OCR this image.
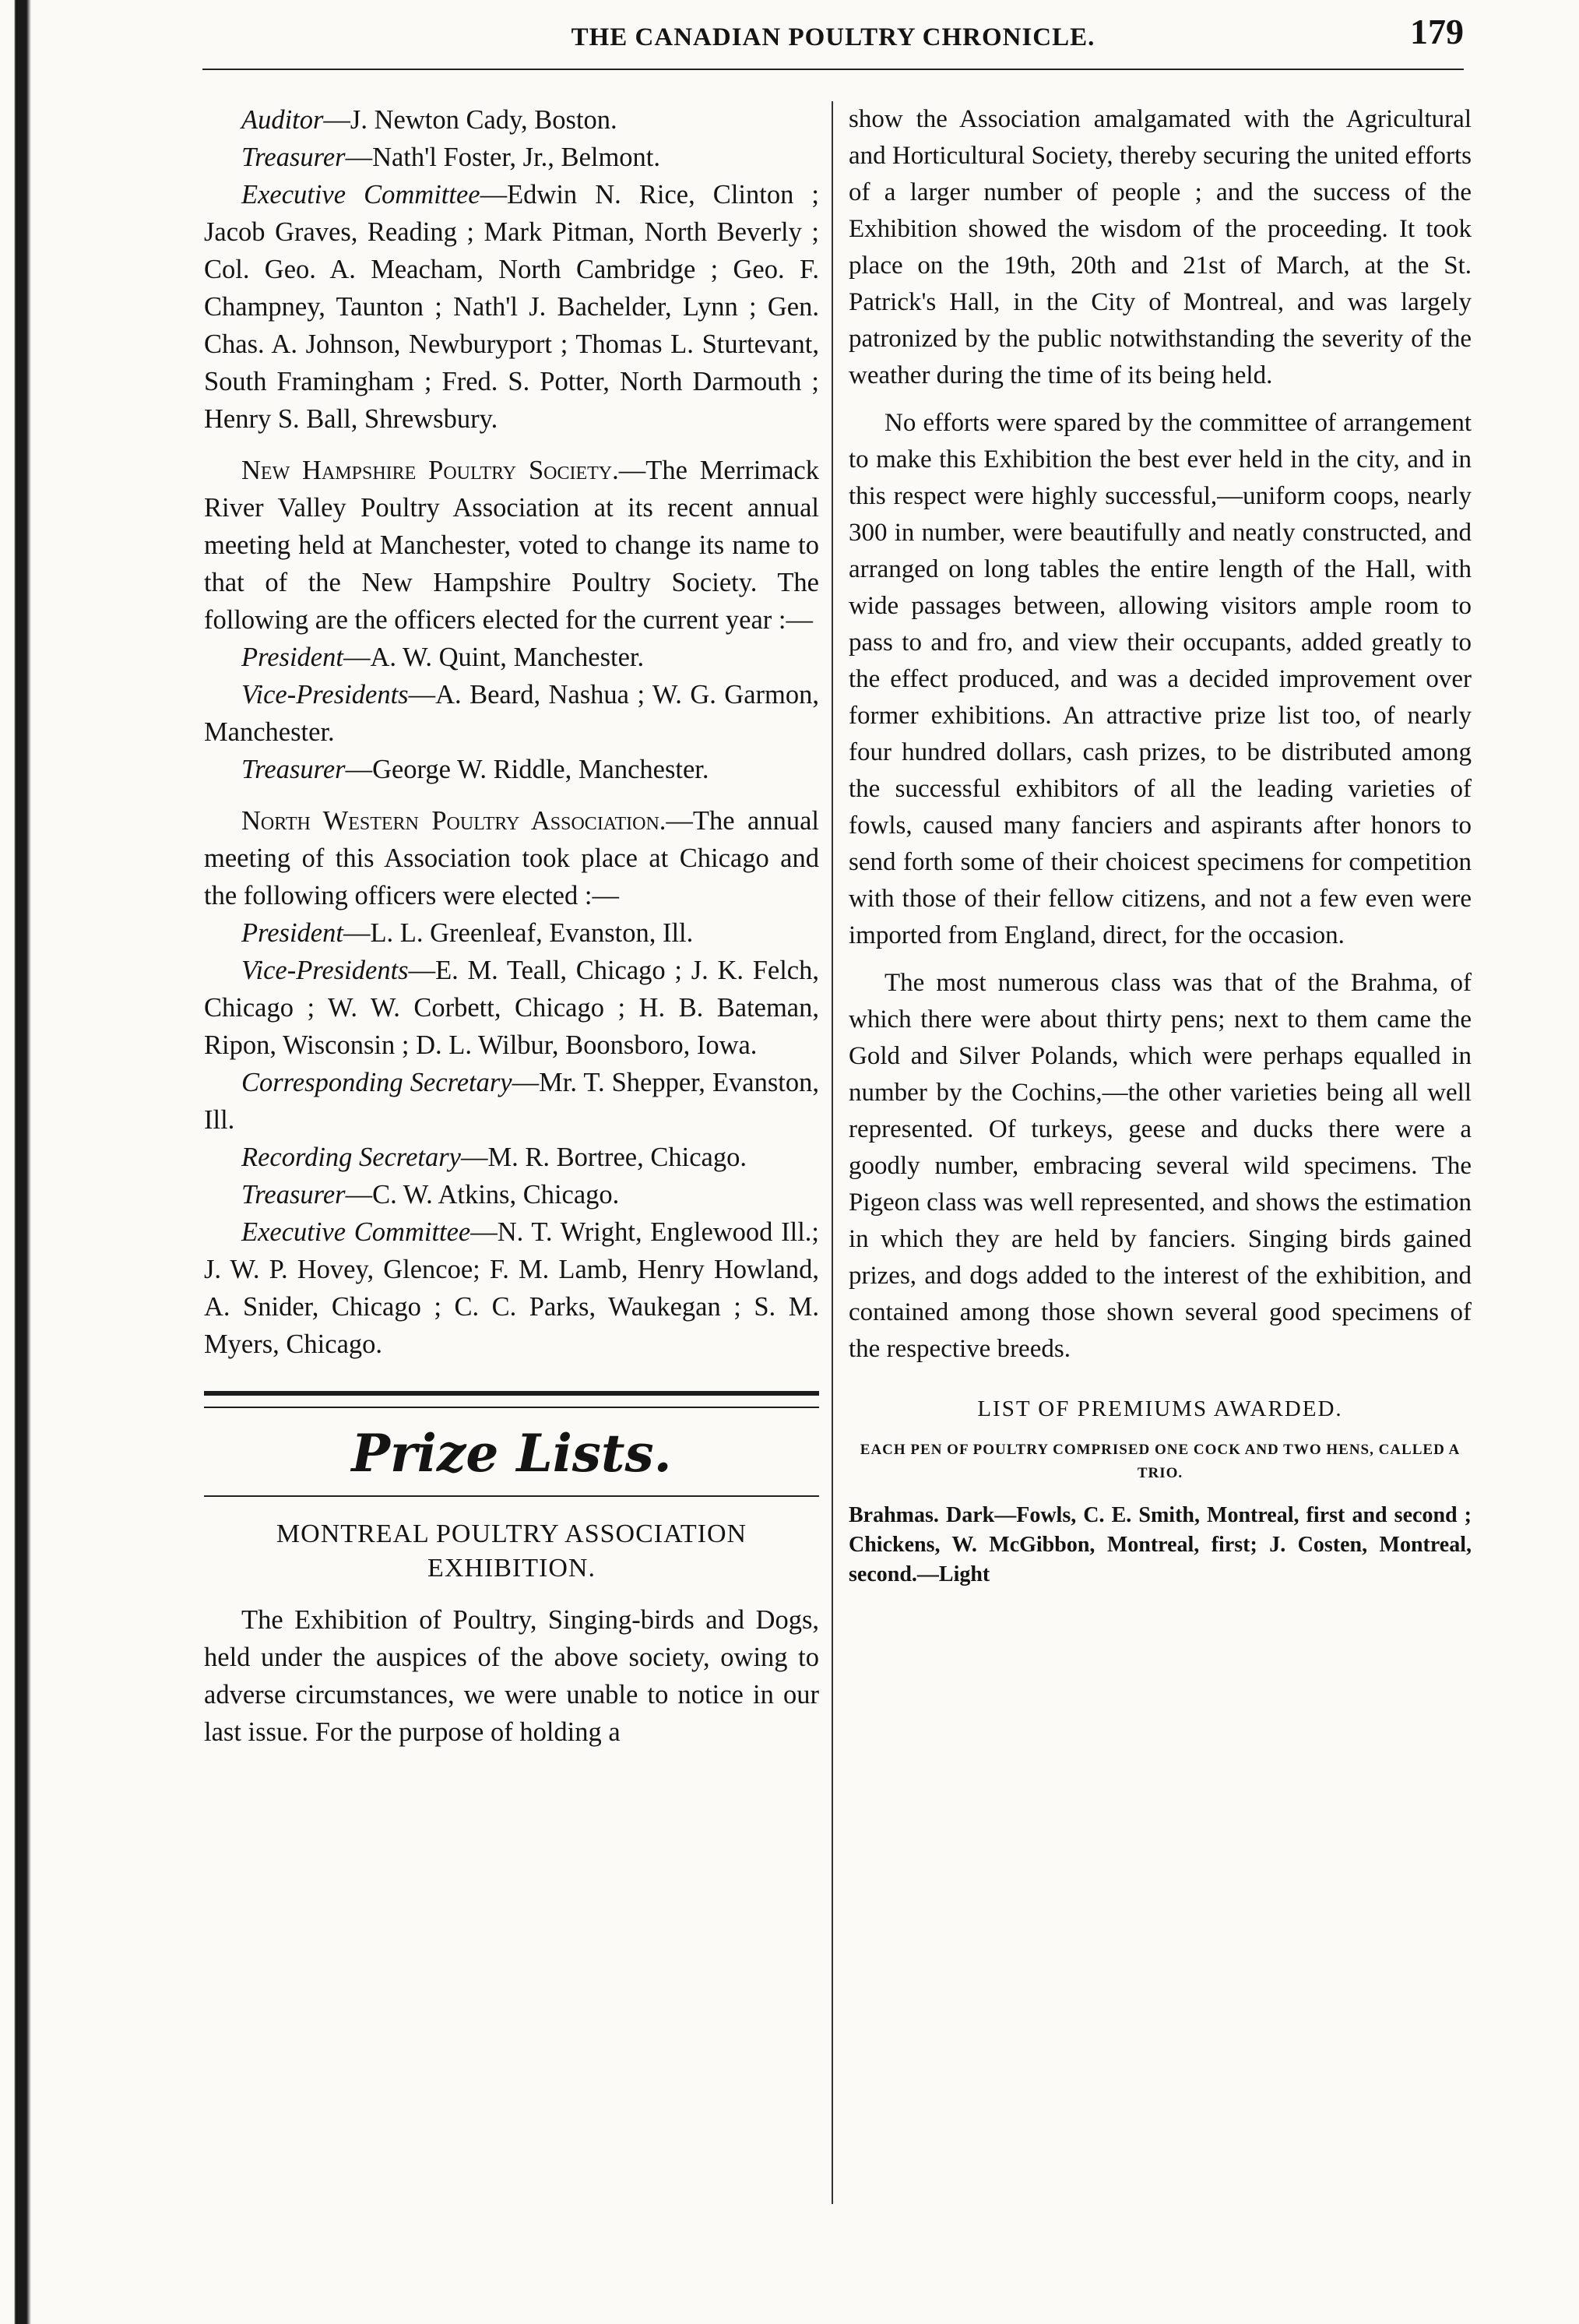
THE CANADIAN POULTRY CHRONICLE.	179

Auditor—J. Newton Cady, Boston.

Treasurer—Nath'l Foster, Jr., Belmont.

Executive Committee—Edwin N. Rice, Clinton ; Jacob Graves, Reading ; Mark Pitman, North Beverly ; Col. Geo. A. Meacham, North Cambridge ; Geo. F. Champney, Taunton ; Nath'l J. Bachelder, Lynn ; Gen. Chas. A. Johnson, Newburyport ; Thomas L. Sturtevant, South Framingham ; Fred. S. Potter, North Darmouth ; Henry S. Ball, Shrewsbury.

New Hampshire Poultry Society.—The Merrimack River Valley Poultry Association at its recent annual meeting held at Manchester, voted to change its name to that of the New Hampshire Poultry Society. The following are the officers elected for the current year :—

President—A. W. Quint, Manchester.

Vice-Presidents—A. Beard, Nashua ; W. G. Garmon, Manchester.

Treasurer—George W. Riddle, Manchester.

North Western Poultry Association.—The annual meeting of this Association took place at Chicago and the following officers were elected :—

President—L. L. Greenleaf, Evanston, Ill.

Vice-Presidents—E. M. Teall, Chicago ; J. K. Felch, Chicago ; W. W. Corbett, Chicago ; H. B. Bateman, Ripon, Wisconsin ; D. L. Wilbur, Boonsboro, Iowa.

Corresponding Secretary—Mr. T. Shepper, Evanston, Ill.

Recording Secretary—M. R. Bortree, Chicago.

Treasurer—C. W. Atkins, Chicago.

Executive Committee—N. T. Wright, Englewood Ill.; J. W. P. Hovey, Glencoe; F. M. Lamb, Henry Howland, A. Snider, Chicago ; C. C. Parks, Waukegan ; S. M. Myers, Chicago.

Prize Lists.
MONTREAL POULTRY ASSOCIATION EXHIBITION.

The Exhibition of Poultry, Singing-birds and Dogs, held under the auspices of the above society, owing to adverse circumstances, we were unable to notice in our last issue. For the purpose of holding a

show the Association amalgamated with the Agricultural and Horticultural Society, thereby securing the united efforts of a larger number of people ; and the success of the Exhibition showed the wisdom of the proceeding. It took place on the 19th, 20th and 21st of March, at the St. Patrick's Hall, in the City of Montreal, and was largely patronized by the public notwithstanding the severity of the weather during the time of its being held.

No efforts were spared by the committee of arrangement to make this Exhibition the best ever held in the city, and in this respect were highly successful,—uniform coops, nearly 300 in number, were beautifully and neatly constructed, and arranged on long tables the entire length of the Hall, with wide passages between, allowing visitors ample room to pass to and fro, and view their occupants, added greatly to the effect produced, and was a decided improvement over former exhibitions. An attractive prize list too, of nearly four hundred dollars, cash prizes, to be distributed among the successful exhibitors of all the leading varieties of fowls, caused many fanciers and aspirants after honors to send forth some of their choicest specimens for competition with those of their fellow citizens, and not a few even were imported from England, direct, for the occasion.

The most numerous class was that of the Brahma, of which there were about thirty pens; next to them came the Gold and Silver Polands, which were perhaps equalled in number by the Cochins,—the other varieties being all well represented. Of turkeys, geese and ducks there were a goodly number, embracing several wild specimens. The Pigeon class was well represented, and shows the estimation in which they are held by fanciers. Singing birds gained prizes, and dogs added to the interest of the exhibition, and contained among those shown several good specimens of the respective breeds.

LIST OF PREMIUMS AWARDED.
EACH PEN OF POULTRY COMPRISED ONE COCK AND TWO HENS, CALLED A TRIO.

Brahmas. Dark—Fowls, C. E. Smith, Montreal, first and second ; Chickens, W. McGibbon, Montreal, first; J. Costen, Montreal, second.—Light
